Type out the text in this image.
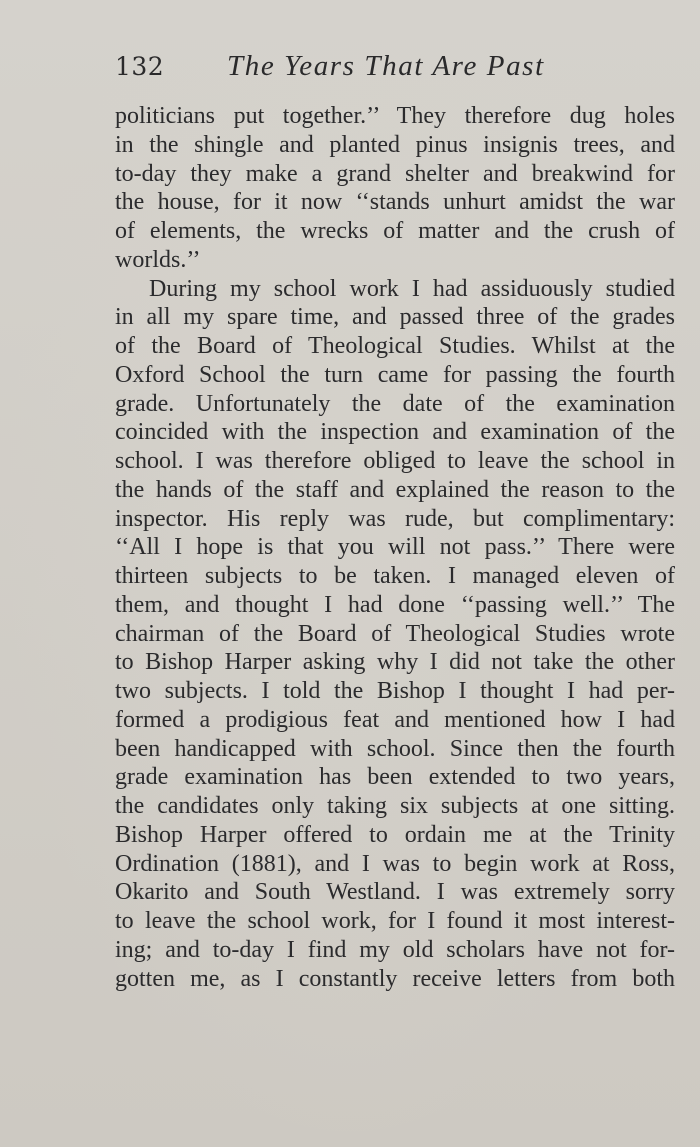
132 The Years That Are Past
politicians put together.’’ They therefore dug holes
in the shingle and planted pinus insignis trees, and
to-day they make a grand shelter and breakwind for
the house, for it now ‘‘stands unhurt amidst the war
of elements, the wrecks of matter and the crush of
worlds.’’
During my school work I had assiduously studied
in all my spare time, and passed three of the grades
of the Board of Theological Studies. Whilst at the
Oxford School the turn came for passing the fourth
grade. Unfortunately the date of the examination
coincided with the inspection and examination of the
school. I was therefore obliged to leave the school in
the hands of the staff and explained the reason to the
inspector. His reply was rude, but complimentary:
‘‘All I hope is that you will not pass.’’ There were
thirteen subjects to be taken. I managed eleven of
them, and thought I had done ‘‘passing well.’’ The
chairman of the Board of Theological Studies wrote
to Bishop Harper asking why I did not take the other
two subjects. I told the Bishop I thought I had per-
formed a prodigious feat and mentioned how I had
been handicapped with school. Since then the fourth
grade examination has been extended to two years,
the candidates only taking six subjects at one sitting.
Bishop Harper offered to ordain me at the Trinity
Ordination (1881), and I was to begin work at Ross,
Okarito and South Westland. I was extremely sorry
to leave the school work, for I found it most interest-
ing; and to-day I find my old scholars have not for-
gotten me, as I constantly receive letters from both
